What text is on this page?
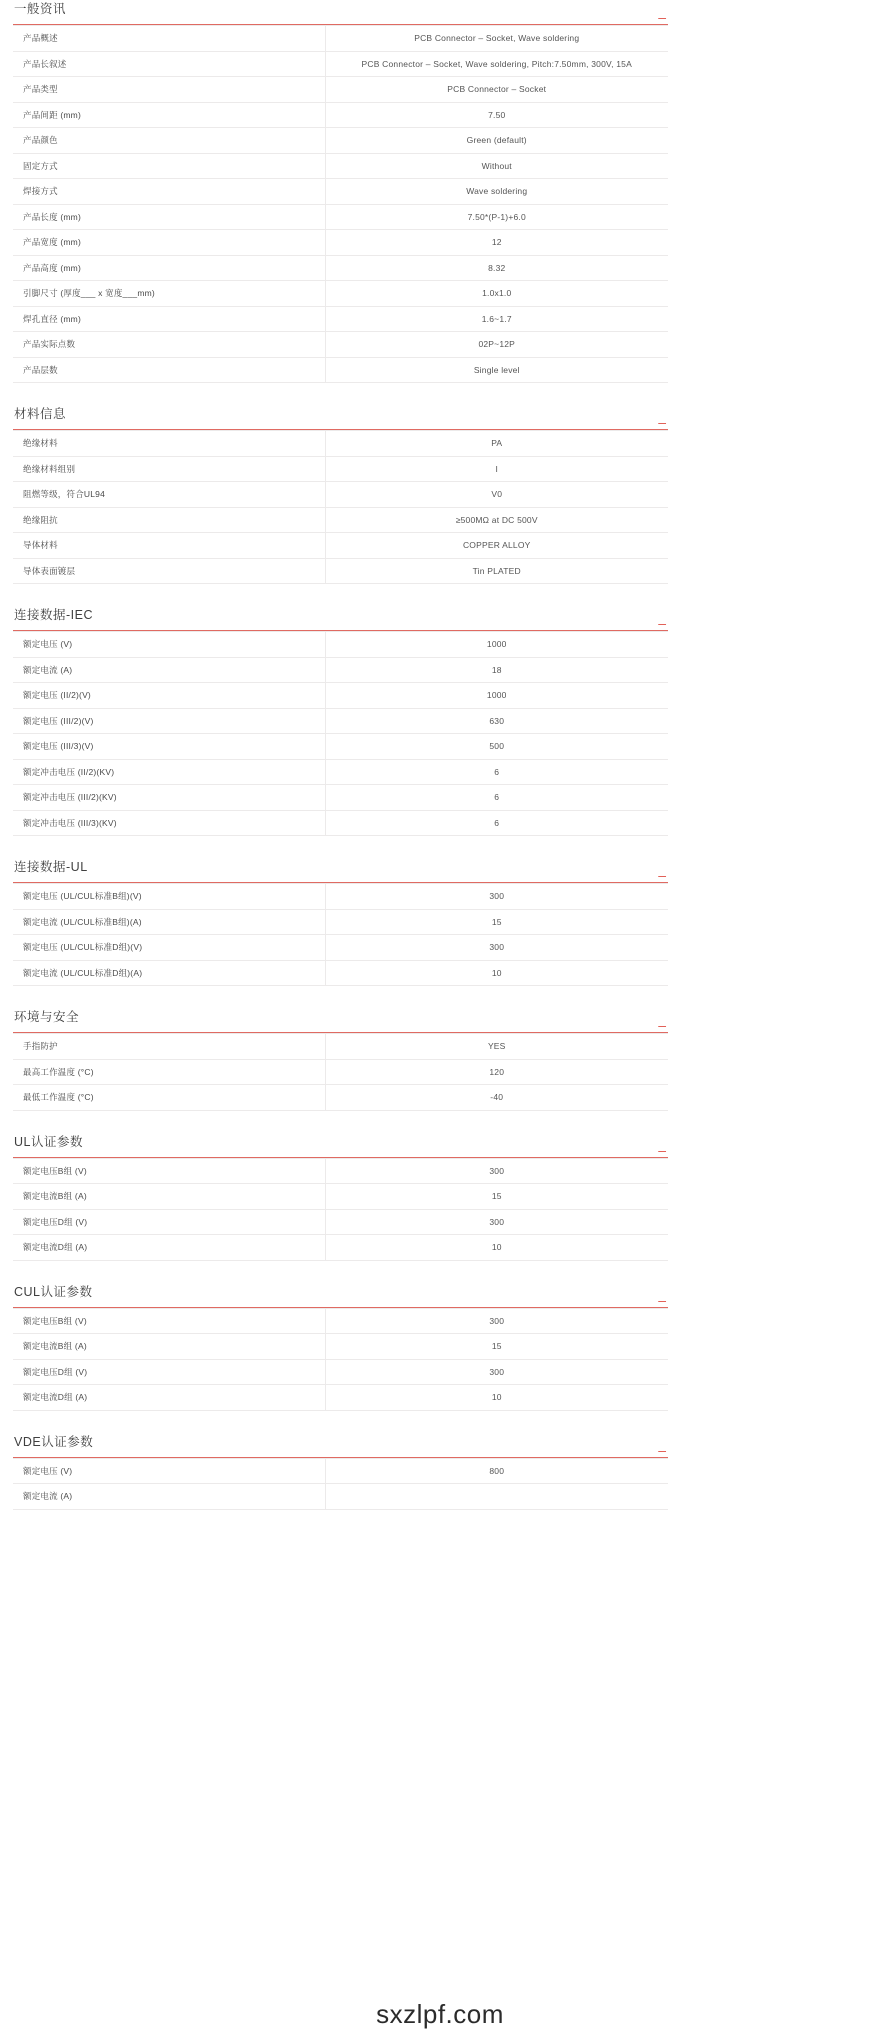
一般资讯	–
产品概述	PCB Connector – Socket, Wave soldering
产品长叙述	PCB Connector – Socket, Wave soldering, Pitch:7.50mm, 300V, 15A
产品类型	PCB Connector – Socket
产品间距 (mm)	7.50
产品颜色	Green (default)
固定方式	Without
焊接方式	Wave soldering
产品长度 (mm)	7.50*(P-1)+6.0
产品宽度 (mm)	12
产品高度 (mm)	8.32
引脚尺寸 (厚度___ x 宽度___mm)	1.0x1.0
焊孔直径 (mm)	1.6~1.7
产品实际点数	02P~12P
产品层数	Single level
材料信息	–
绝缘材料	PA
绝缘材料组别	I
阻燃等级，符合UL94	V0
绝缘阻抗	≥500MΩ at DC 500V
导体材料	COPPER ALLOY
导体表面镀层	Tin PLATED
连接数据-IEC	–
额定电压 (V)	1000
额定电流 (A)	18
额定电压 (II/2)(V)	1000
额定电压 (III/2)(V)	630
额定电压 (III/3)(V)	500
额定冲击电压 (II/2)(KV)	6
额定冲击电压 (III/2)(KV)	6
额定冲击电压 (III/3)(KV)	6
连接数据-UL	–
额定电压 (UL/CUL标准B组)(V)	300
额定电流 (UL/CUL标准B组)(A)	15
额定电压 (UL/CUL标准D组)(V)	300
额定电流 (UL/CUL标准D组)(A)	10
环境与安全	–
手指防护	YES
最高工作温度 (°C)	120
最低工作温度 (°C)	-40
UL认证参数	–
额定电压B组 (V)	300
额定电流B组 (A)	15
额定电压D组 (V)	300
额定电流D组 (A)	10
CUL认证参数	–
额定电压B组 (V)	300
额定电流B组 (A)	15
额定电压D组 (V)	300
额定电流D组 (A)	10
VDE认证参数	–
额定电压 (V)	800
额定电流 (A)	
sxzlpf.com
